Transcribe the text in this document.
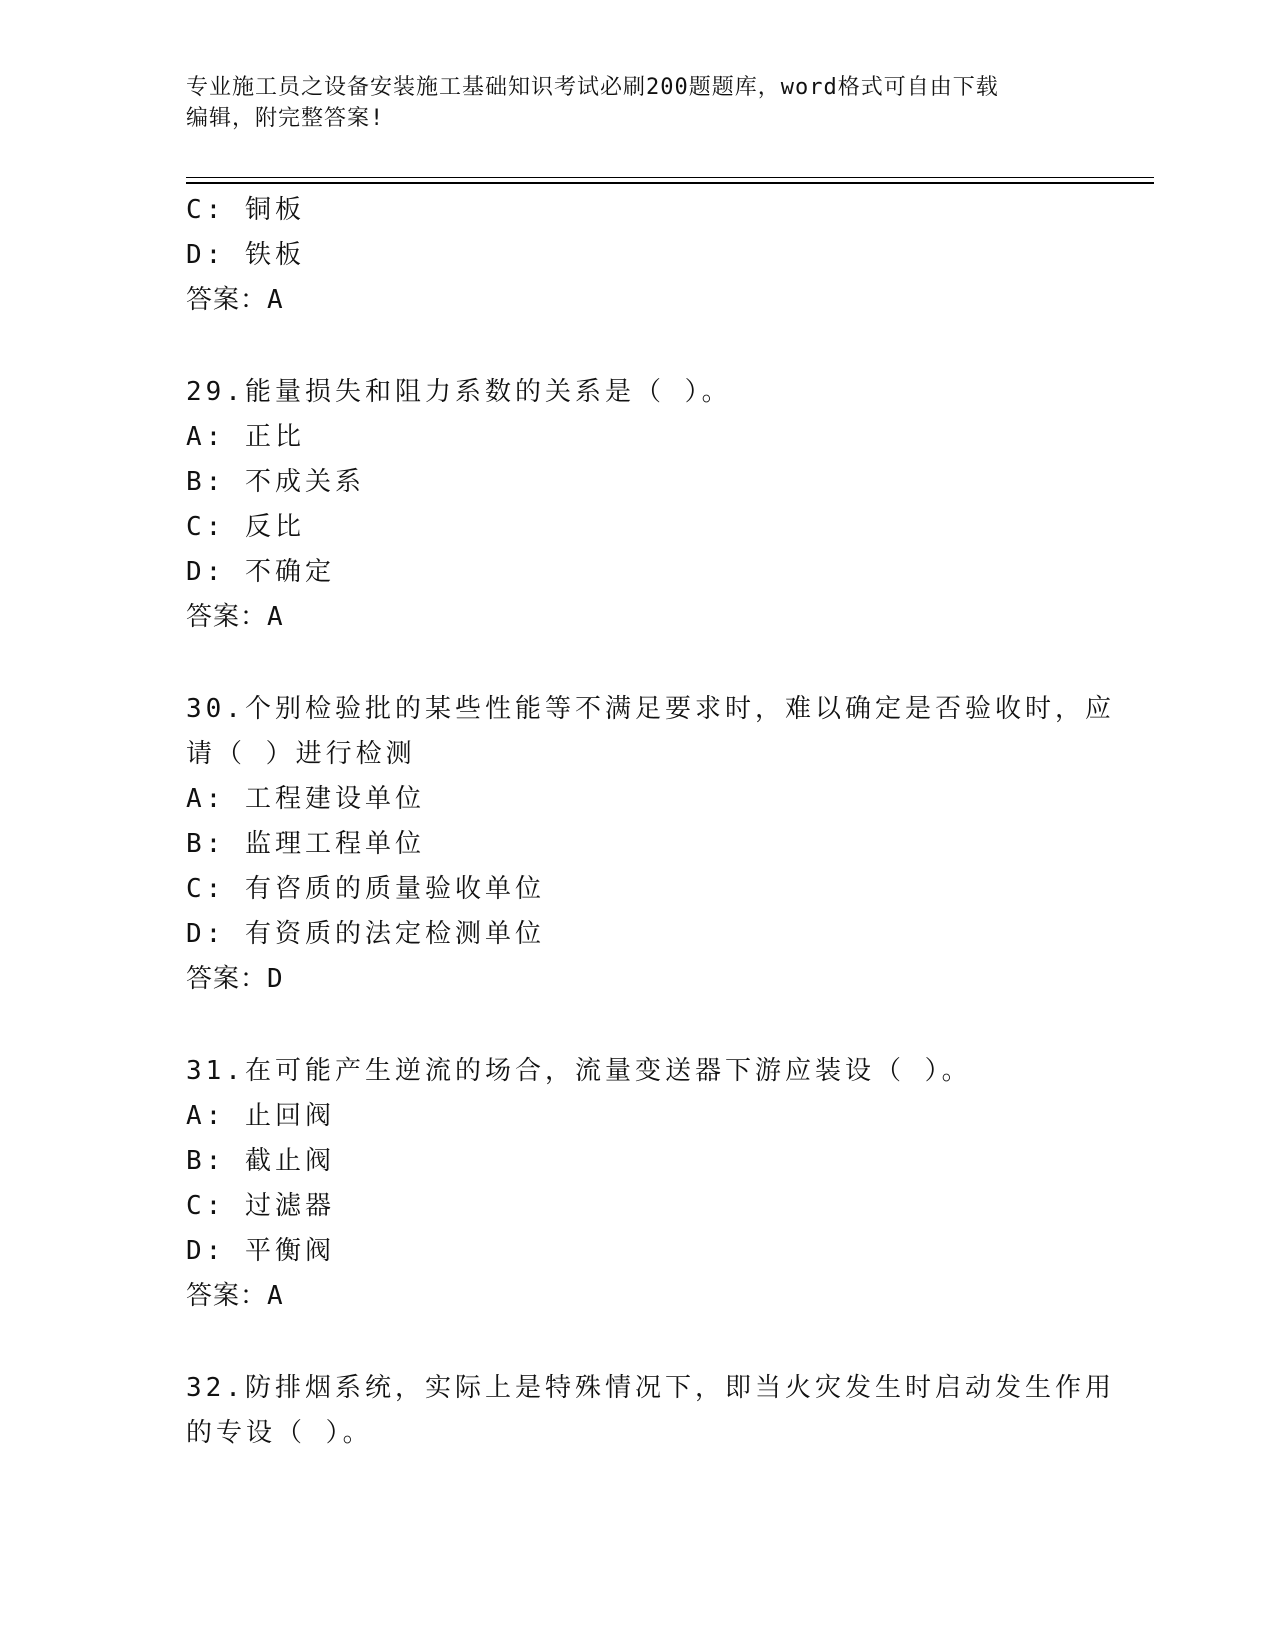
专业施工员之设备安装施工基础知识考试必刷200题题库，word格式可自由下载
编辑，附完整答案!
C: 铜板
D: 铁板
答案：A
29.能量损失和阻力系数的关系是（ ）。
A: 正比
B: 不成关系
C: 反比
D: 不确定
答案：A
30.个别检验批的某些性能等不满足要求时，难以确定是否验收时，应
请（ ）进行检测
A: 工程建设单位
B: 监理工程单位
C: 有咨质的质量验收单位
D: 有资质的法定检测单位
答案：D
31.在可能产生逆流的场合，流量变送器下游应装设（ ）。
A: 止回阀
B: 截止阀
C: 过滤器
D: 平衡阀
答案：A
32.防排烟系统，实际上是特殊情况下，即当火灾发生时启动发生作用
的专设（ ）。
